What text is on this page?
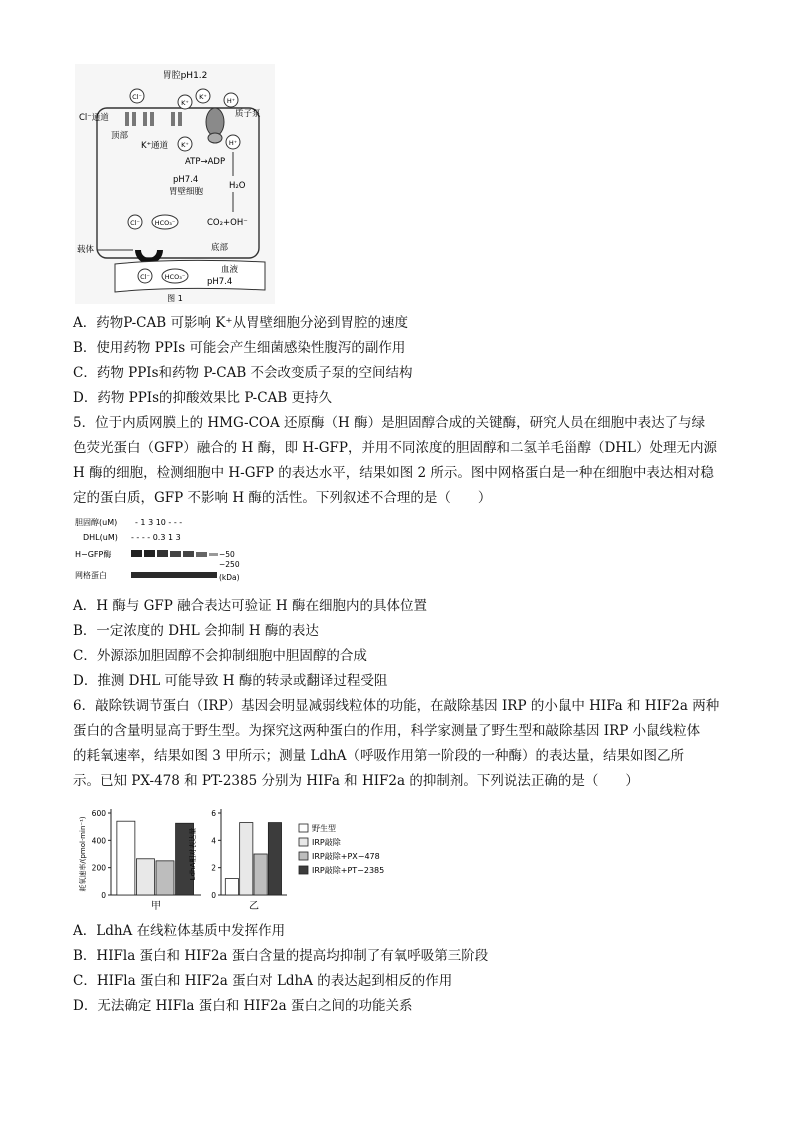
胃腔pH1.2
Cl⁻通道
顶部
K⁺通道
质子泵
Cl⁻
K⁺
K⁺	H⁺
K⁺	H⁺
ATP→ADP
H₂O
pH7.4
胃壁细胞
Cl⁻ HCO₃⁻	CO₂+OH⁻
载体	底部
血液
pH7.4
Cl⁻ HCO₃⁻
图 1
A．药物P-CAB 可影响 K⁺从胃壁细胞分泌到胃腔的速度
B．使用药物 PPIs 可能会产生细菌感染性腹泻的副作用
C．药物 PPIs和药物 P-CAB 不会改变质子泵的空间结构
D．药物 PPIs的抑酸效果比 P-CAB 更持久
5．位于内质网膜上的 HMG-COA 还原酶（H 酶）是胆固醇合成的关键酶，研究人员在细胞中表达了与绿
色荧光蛋白（GFP）融合的 H 酶，即 H-GFP，并用不同浓度的胆固醇和二氢羊毛甾醇（DHL）处理无内源
H 酶的细胞，检测细胞中 H-GFP 的表达水平，结果如图 2 所示。图中网格蛋白是一种在细胞中表达相对稳
定的蛋白质，GFP 不影响 H 酶的活性。下列叙述不合理的是（　　）
胆固醇(uM) - 1 3 10 - - -
DHL(uM) - - - - 0.3 1 3
H−GFP酶	−50
−250
网格蛋白	(kDa)
A．H 酶与 GFP 融合表达可验证 H 酶在细胞内的具体位置
B．一定浓度的 DHL 会抑制 H 酶的表达
C．外源添加胆固醇不会抑制细胞中胆固醇的合成
D．推测 DHL 可能导致 H 酶的转录或翻译过程受阻
6．敲除铁调节蛋白（IRP）基因会明显减弱线粒体的功能，在敲除基因 IRP 的小鼠中 HIFa 和 HIF2a 两种
蛋白的含量明显高于野生型。为探究这两种蛋白的作用，科学家测量了野生型和敲除基因 IRP 小鼠线粒体
的耗氧速率，结果如图 3 甲所示；测量 LdhA（呼吸作用第一阶段的一种酶）的表达量，结果如图乙所
示。已知 PX-478 和 PT-2385 分别为 HIFa 和 HIF2a 的抑制剂。下列说法正确的是（　　）
0
200
400
600
耗氧速率/(pmol·min⁻¹)
甲
0
2
4
6
LdhA相对表达量
乙
野生型
IRP敲除
IRP敲除+PX−478
IRP敲除+PT−2385
A．LdhA 在线粒体基质中发挥作用
B．HIFla 蛋白和 HIF2a 蛋白含量的提高均抑制了有氧呼吸第三阶段
C．HIFla 蛋白和 HIF2a 蛋白对 LdhA 的表达起到相反的作用
D．无法确定 HIFla 蛋白和 HIF2a 蛋白之间的功能关系
